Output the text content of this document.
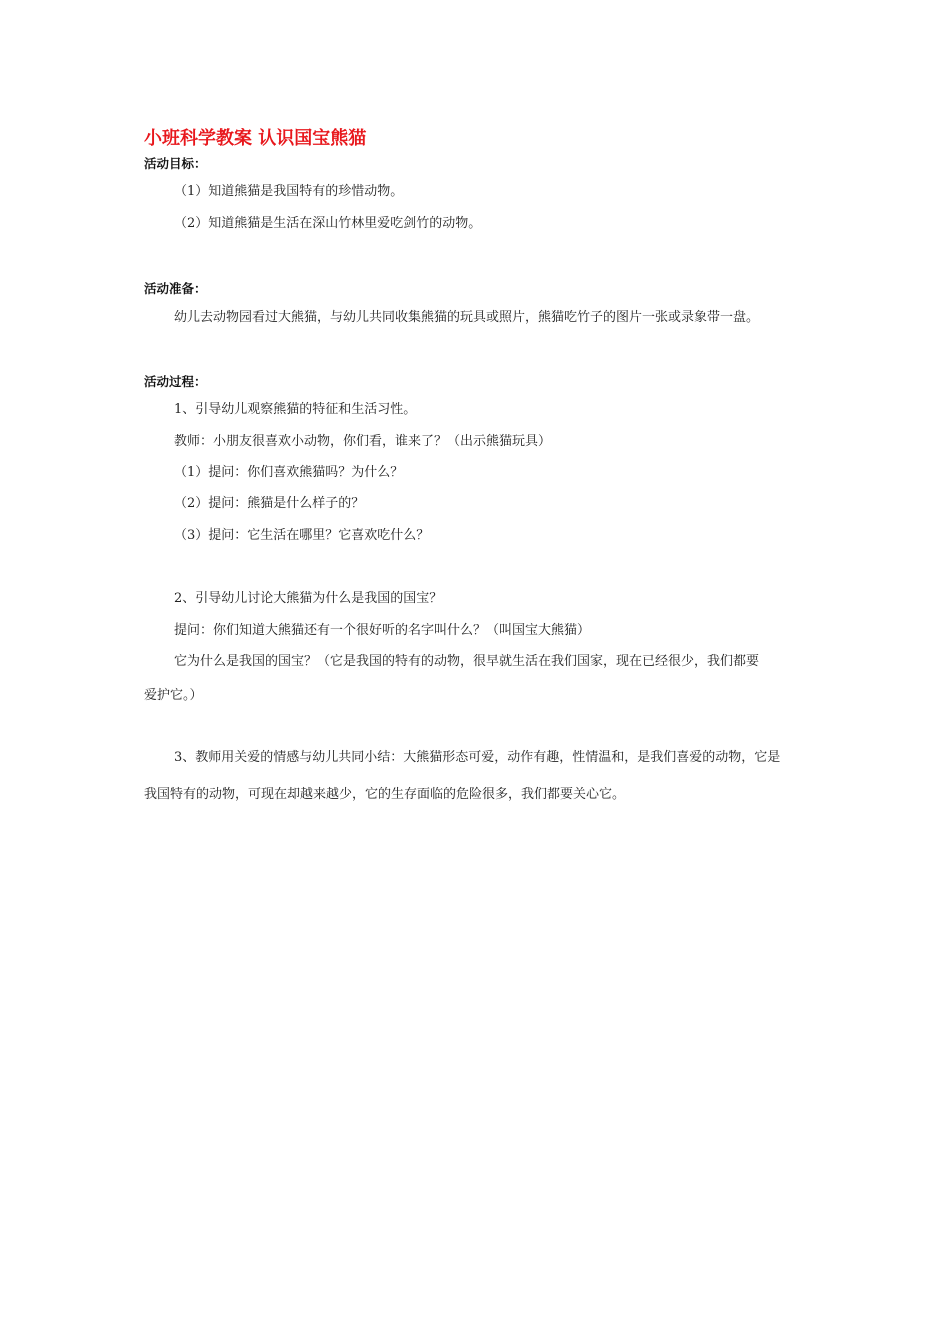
小班科学教案 认识国宝熊猫
活动目标：
（1）知道熊猫是我国特有的珍惜动物。
（2）知道熊猫是生活在深山竹林里爱吃剑竹的动物。
活动准备：
幼儿去动物园看过大熊猫，与幼儿共同收集熊猫的玩具或照片，熊猫吃竹子的图片一张或录象带一盘。
活动过程：
1、引导幼儿观察熊猫的特征和生活习性。
教师：小朋友很喜欢小动物，你们看，谁来了？（出示熊猫玩具）
（1）提问：你们喜欢熊猫吗？为什么？
（2）提问：熊猫是什么样子的？
（3）提问：它生活在哪里？它喜欢吃什么？
2、引导幼儿讨论大熊猫为什么是我国的国宝？
提问：你们知道大熊猫还有一个很好听的名字叫什么？（叫国宝大熊猫）
它为什么是我国的国宝？（它是我国的特有的动物，很早就生活在我们国家，现在已经很少，我们都要
爱护它。）
3、教师用关爱的情感与幼儿共同小结：大熊猫形态可爱，动作有趣，性情温和，是我们喜爱的动物，它是
我国特有的动物，可现在却越来越少，它的生存面临的危险很多，我们都要关心它。
